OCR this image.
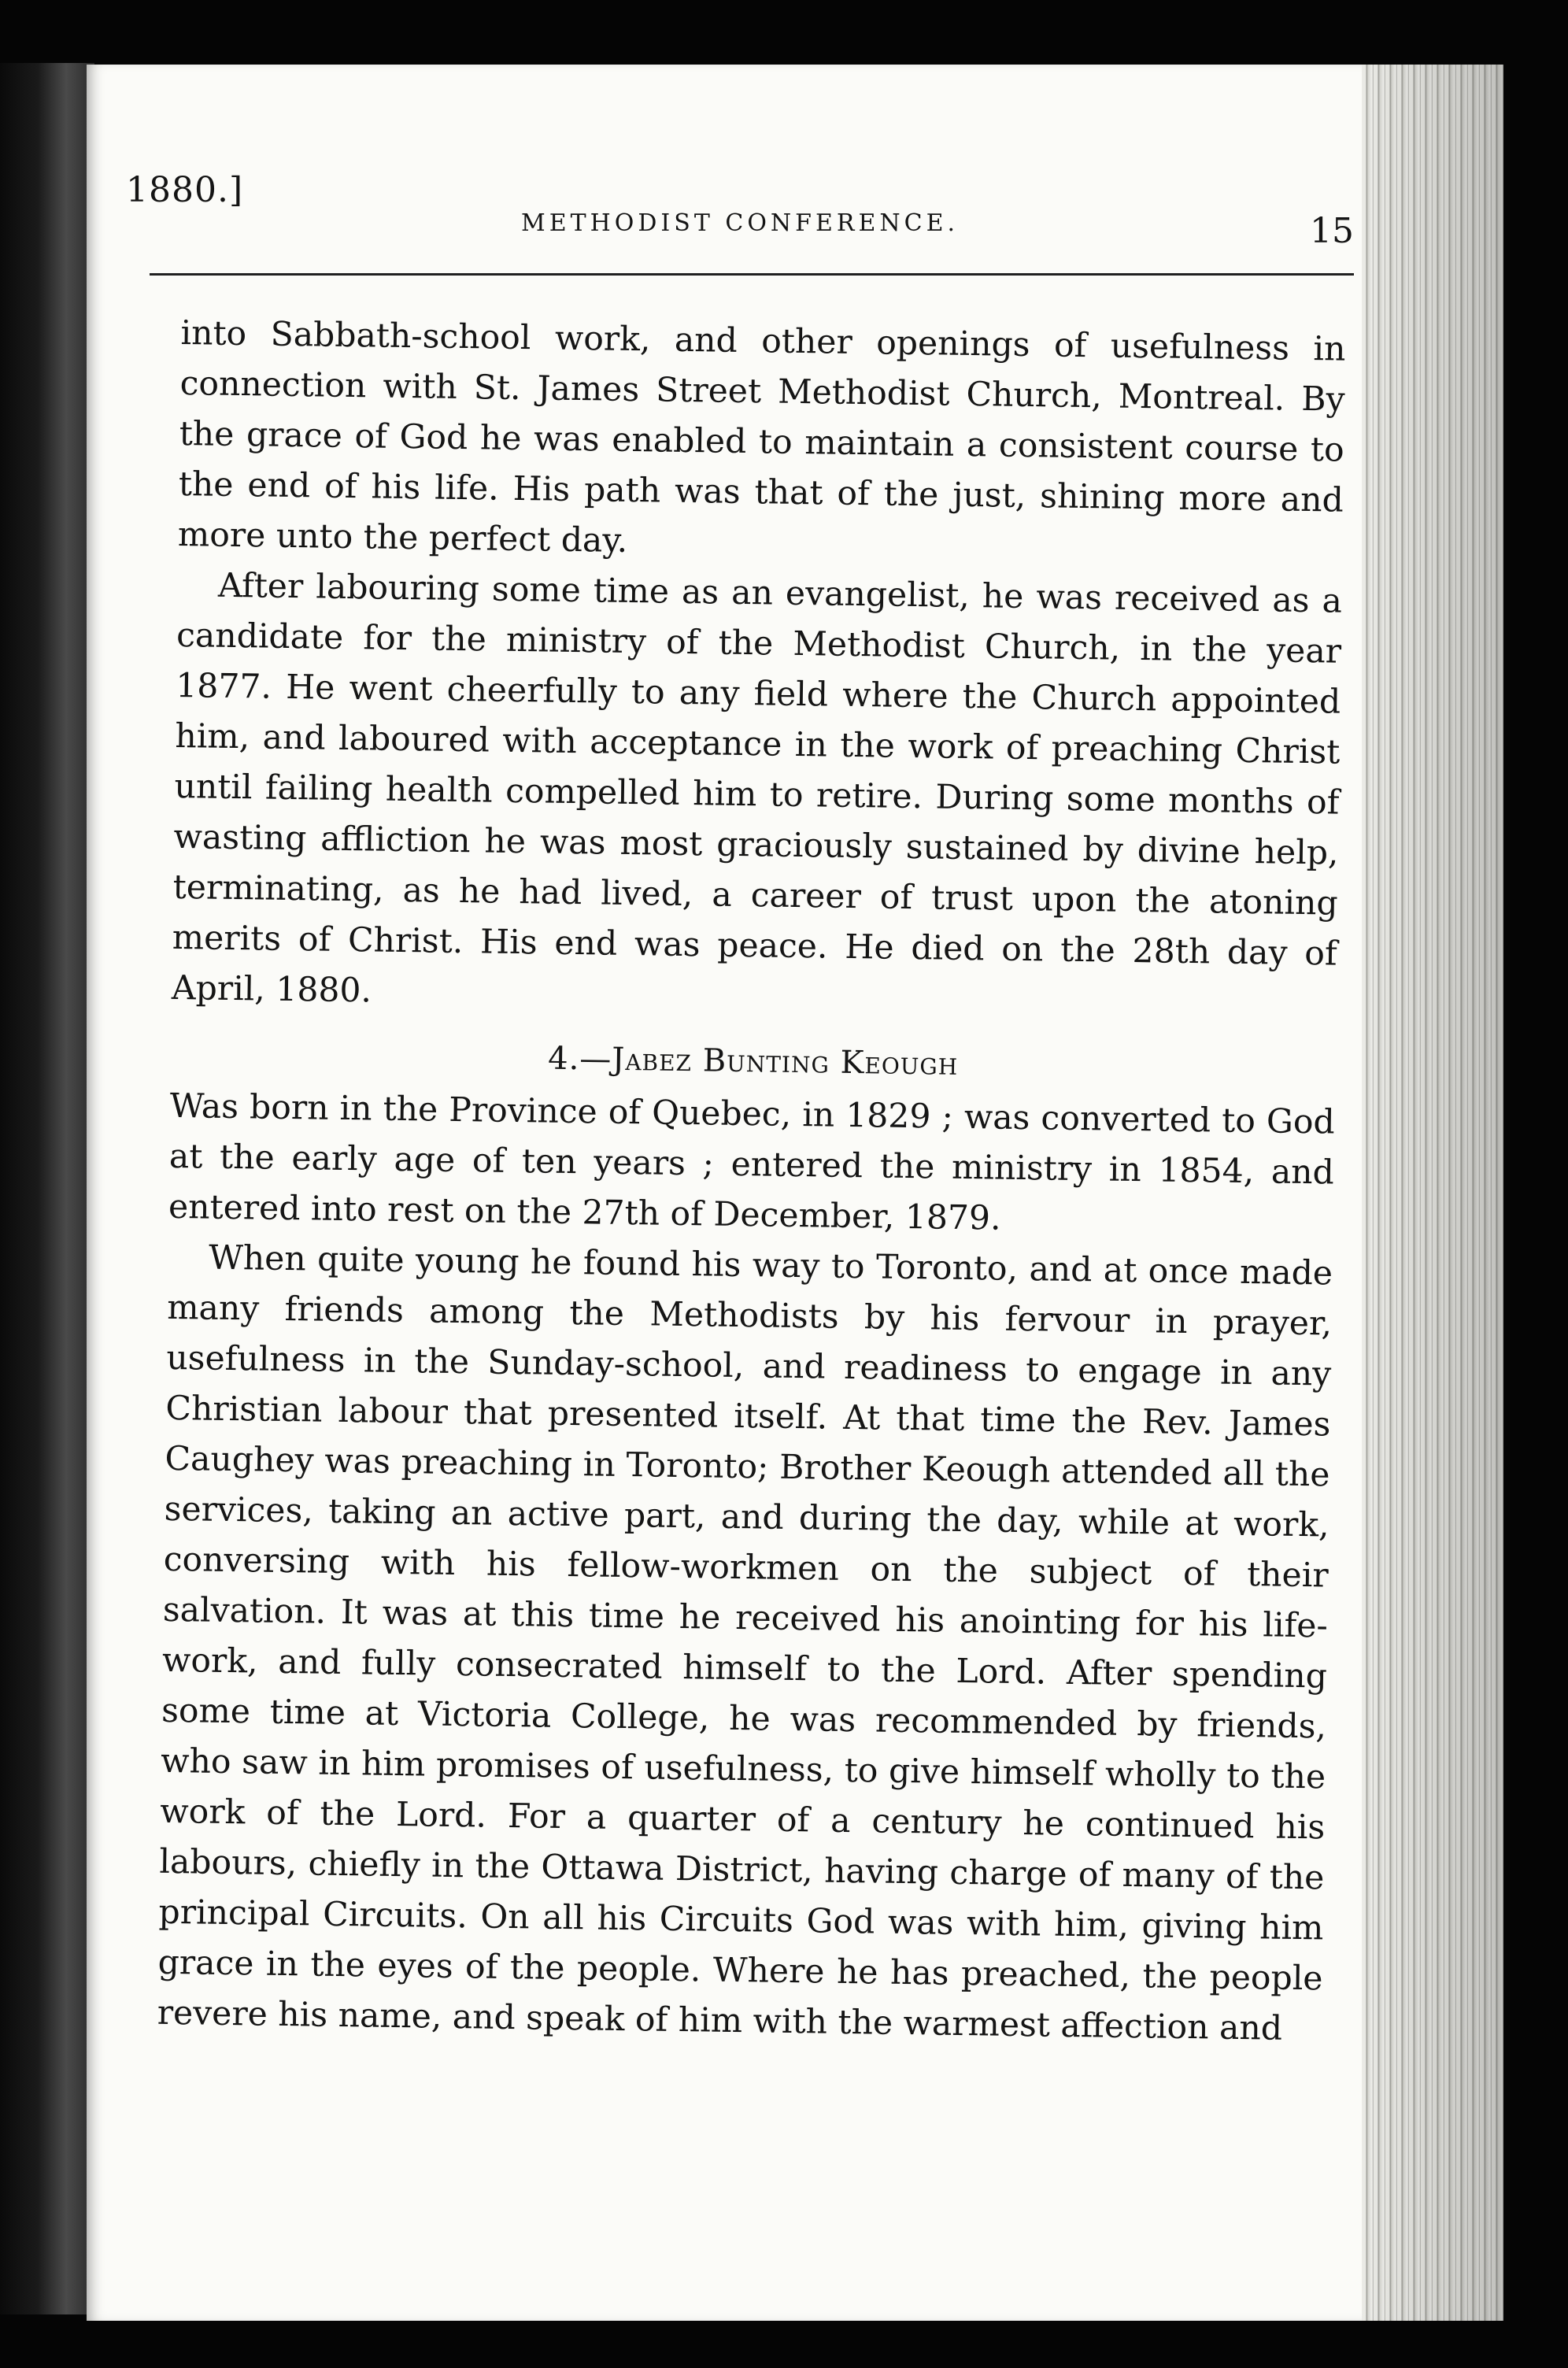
1880.]
METHODIST CONFERENCE.	15

into Sabbath-school work, and other openings of usefulness in connection with St. James Street Methodist Church, Montreal. By the grace of God he was enabled to maintain a consistent course to the end of his life. His path was that of the just, shining more and more unto the perfect day.

After labouring some time as an evangelist, he was received as a candidate for the ministry of the Methodist Church, in the year 1877. He went cheerfully to any field where the Church appointed him, and laboured with acceptance in the work of preaching Christ until failing health compelled him to retire. During some months of wasting affliction he was most graciously sustained by divine help, terminating, as he had lived, a career of trust upon the atoning merits of Christ. His end was peace. He died on the 28th day of April, 1880.

4.—Jabez Bunting Keough

Was born in the Province of Quebec, in 1829 ; was converted to God at the early age of ten years ; entered the ministry in 1854, and entered into rest on the 27th of December, 1879.

When quite young he found his way to Toronto, and at once made many friends among the Methodists by his fervour in prayer, usefulness in the Sunday-school, and readiness to engage in any Christian labour that presented itself. At that time the Rev. James Caughey was preaching in Toronto; Brother Keough attended all the services, taking an active part, and during the day, while at work, conversing with his fellow-workmen on the subject of their salvation. It was at this time he received his anointing for his life-work, and fully consecrated himself to the Lord. After spending some time at Victoria College, he was recommended by friends, who saw in him promises of usefulness, to give himself wholly to the work of the Lord. For a quarter of a century he continued his labours, chiefly in the Ottawa District, having charge of many of the principal Circuits. On all his Circuits God was with him, giving him grace in the eyes of the people. Where he has preached, the people revere his name, and speak of him with the warmest affection and
